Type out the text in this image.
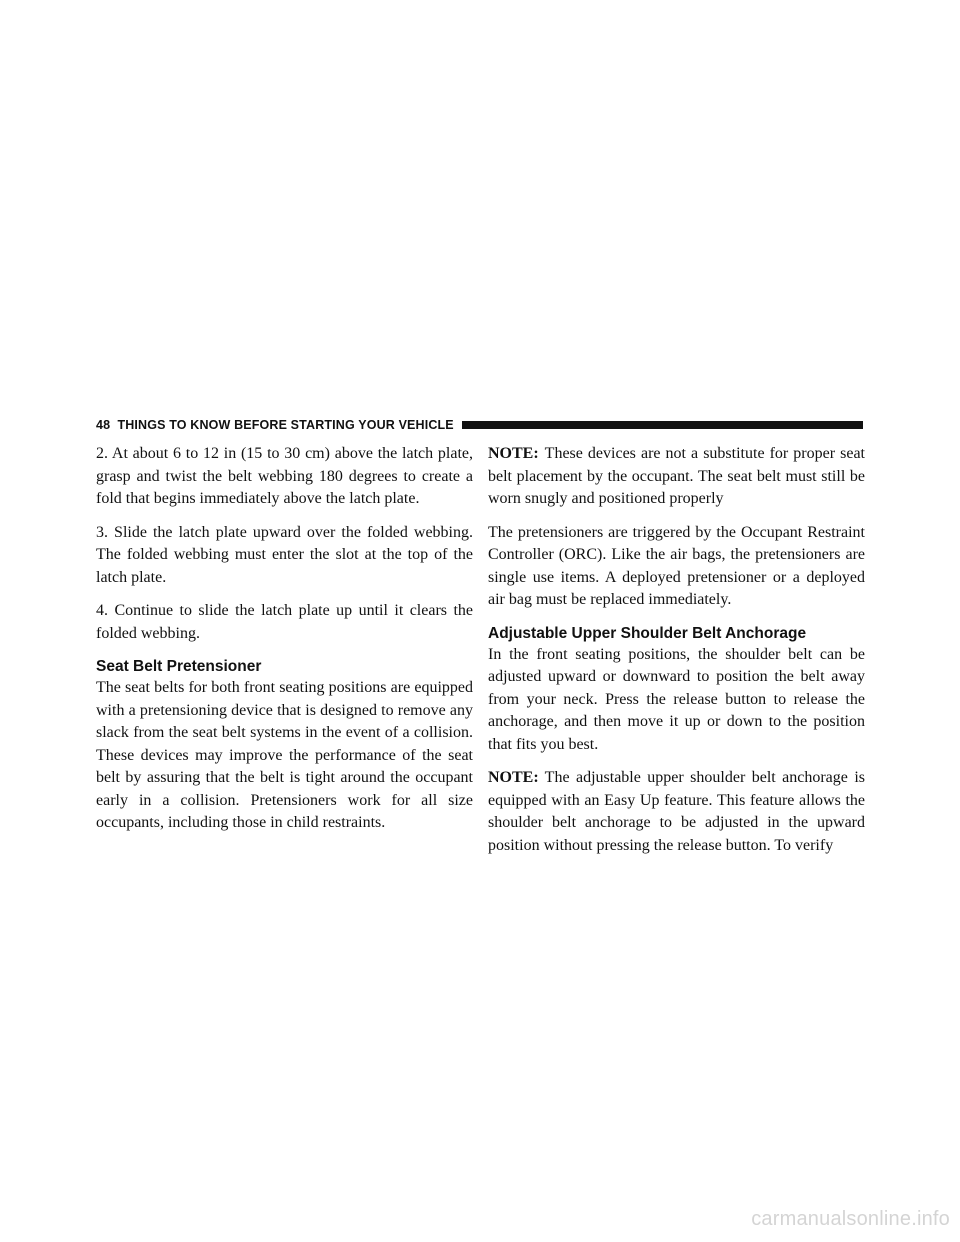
48 THINGS TO KNOW BEFORE STARTING YOUR VEHICLE

2. At about 6 to 12 in (15 to 30 cm) above the latch plate, grasp and twist the belt webbing 180 degrees to create a fold that begins immediately above the latch plate.

3. Slide the latch plate upward over the folded webbing. The folded webbing must enter the slot at the top of the latch plate.

4. Continue to slide the latch plate up until it clears the folded webbing.

Seat Belt Pretensioner

The seat belts for both front seating positions are equipped with a pretensioning device that is designed to remove any slack from the seat belt systems in the event of a collision. These devices may improve the performance of the seat belt by assuring that the belt is tight around the occupant early in a collision. Pretensioners work for all size occupants, including those in child restraints.

NOTE: These devices are not a substitute for proper seat belt placement by the occupant. The seat belt must still be worn snugly and positioned properly

The pretensioners are triggered by the Occupant Restraint Controller (ORC). Like the air bags, the pretensioners are single use items. A deployed pretensioner or a deployed air bag must be replaced immediately.

Adjustable Upper Shoulder Belt Anchorage

In the front seating positions, the shoulder belt can be adjusted upward or downward to position the belt away from your neck. Press the release button to release the anchorage, and then move it up or down to the position that fits you best.

NOTE: The adjustable upper shoulder belt anchorage is equipped with an Easy Up feature. This feature allows the shoulder belt anchorage to be adjusted in the upward position without pressing the release button. To verify

carmanualsonline.info
